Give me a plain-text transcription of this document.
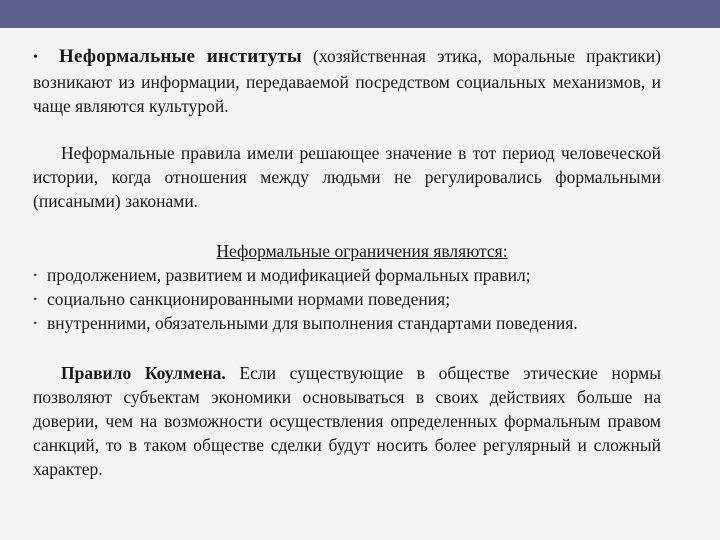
• Неформальные институты (хозяйственная этика, моральные практики) возникают из информации, передаваемой посредством социальных механизмов, и чаще являются культурой.

Неформальные правила имели решающее значение в тот период человеческой истории, когда отношения между людьми не регулировались формальными (писаными) законами.

Неформальные ограничения являются:

• продолжением, развитием и модификацией формальных правил;
• социально санкционированными нормами поведения;
• внутренними, обязательными для выполнения стандартами поведения.

Правило Коулмена. Если существующие в обществе этические нормы позволяют субъектам экономики основываться в своих действиях больше на доверии, чем на возможности осуществления определенных формальным правом санкций, то в таком обществе сделки будут носить более регулярный и сложный характер.
